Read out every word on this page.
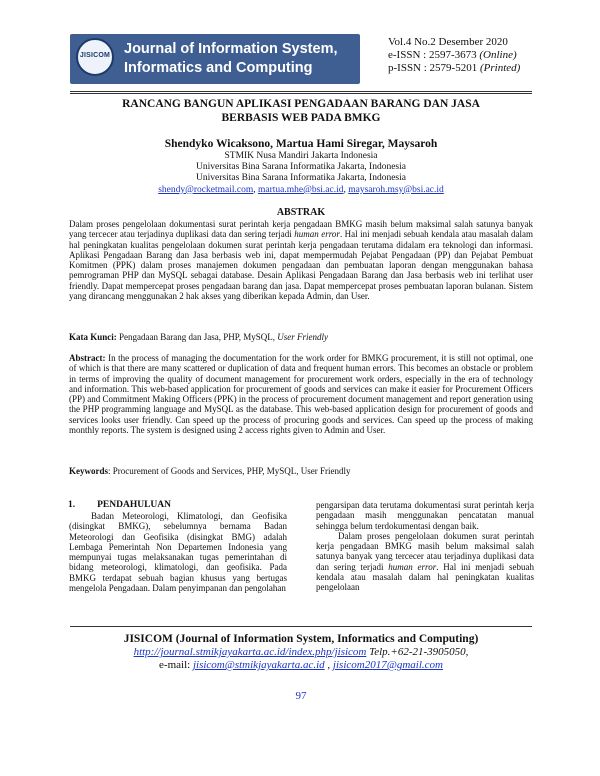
JISICOM Journal of Information System, Informatics and Computing
Vol.4 No.2 Desember 2020
e-ISSN : 2597-3673 (Online)
p-ISSN : 2579-5201 (Printed)
RANCANG BANGUN APLIKASI PENGADAAN BARANG DAN JASA
BERBASIS WEB PADA BMKG
Shendyko Wicaksono, Martua Hami Siregar, Maysaroh
STMIK Nusa Mandiri Jakarta Indonesia
Universitas Bina Sarana Informatika Jakarta, Indonesia
Universitas Bina Sarana Informatika Jakarta, Indonesia
shendy@rocketmail.com, martua.mhe@bsi.ac.id, maysaroh.msy@bsi.ac.id
ABSTRAK
Dalam proses pengelolaan dokumentasi surat perintah kerja pengadaan BMKG masih belum maksimal salah satunya banyak yang tercecer atau terjadinya duplikasi data dan sering terjadi human error. Hal ini menjadi sebuah kendala atau masalah dalam hal peningkatan kualitas pengelolaan dokumen surat perintah kerja pengadaan terutama didalam era teknologi dan informasi. Aplikasi Pengadaan Barang dan Jasa berbasis web ini, dapat mempermudah Pejabat Pengadaan (PP) dan Pejabat Pembuat Komitmen (PPK) dalam proses manajemen dokumen pengadaan dan pembuatan laporan dengan menggunakan bahasa pemrograman PHP dan MySQL sebagai database. Desain Aplikasi Pengadaan Barang dan Jasa berbasis web ini terlihat user friendly. Dapat mempercepat proses pengadaan barang dan jasa. Dapat mempercepat proses pembuatan laporan bulanan. Sistem yang dirancang menggunakan 2 hak akses yang diberikan kepada Admin, dan User.
Kata Kunci: Pengadaan Barang dan Jasa, PHP, MySQL, User Friendly
Abstract: In the process of managing the documentation for the work order for BMKG procurement, it is still not optimal, one of which is that there are many scattered or duplication of data and frequent human errors. This becomes an obstacle or problem in terms of improving the quality of document management for procurement work orders, especially in the era of technology and information. This web-based application for procurement of goods and services can make it easier for Procurement Officers (PP) and Commitment Making Officers (PPK) in the process of procurement document management and report generation using the PHP programming language and MySQL as the database. This web-based application design for procurement of goods and services looks user friendly. Can speed up the process of procuring goods and services. Can speed up the process of making monthly reports. The system is designed using 2 access rights given to Admin and User.
Keywords: Procurement of Goods and Services, PHP, MySQL, User Friendly
1. PENDAHULUAN
Badan Meteorologi, Klimatologi, dan Geofisika (disingkat BMKG), sebelumnya bernama Badan Meteorologi dan Geofisika (disingkat BMG) adalah Lembaga Pemerintah Non Departemen Indonesia yang mempunyai tugas melaksanakan tugas pemerintahan di bidang meteorologi, klimatologi, dan geofisika. Pada BMKG terdapat sebuah bagian khusus yang bertugas mengelola Pengadaan. Dalam penyimpanan dan pengolahan
pengarsipan data terutama dokumentasi surat perintah kerja pengadaan masih menggunakan pencatatan manual sehingga belum terdokumentasi dengan baik.
Dalam proses pengelolaan dokumen surat perintah kerja pengadaan BMKG masih belum maksimal salah satunya banyak yang tercecer atau terjadinya duplikasi data dan sering terjadi human error. Hal ini menjadi sebuah kendala atau masalah dalam hal peningkatan kualitas pengelolaan
JISICOM (Journal of Information System, Informatics and Computing)
http://journal.stmikjayakarta.ac.id/index.php/jisicom Telp.+62-21-3905050,
e-mail: jisicom@stmikjayakarta.ac.id , jisicom2017@gmail.com
97
